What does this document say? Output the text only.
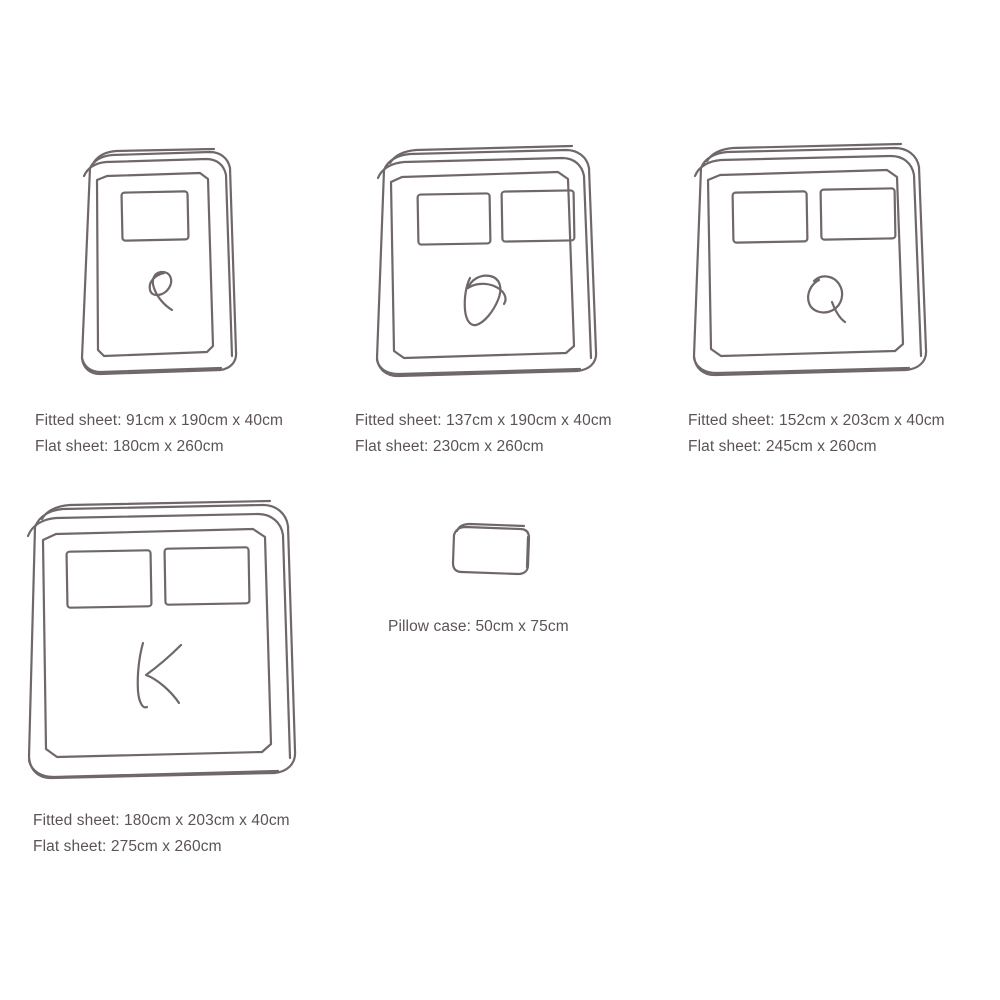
Fitted sheet: 91cm x 190cm x 40cm
Flat sheet: 180cm x 260cm
Fitted sheet: 137cm x 190cm x 40cm
Flat sheet: 230cm x 260cm
Fitted sheet: 152cm x 203cm x 40cm
Flat sheet: 245cm x 260cm
Fitted sheet: 180cm x 203cm x 40cm
Flat sheet: 275cm x 260cm
Pillow case: 50cm x 75cm
